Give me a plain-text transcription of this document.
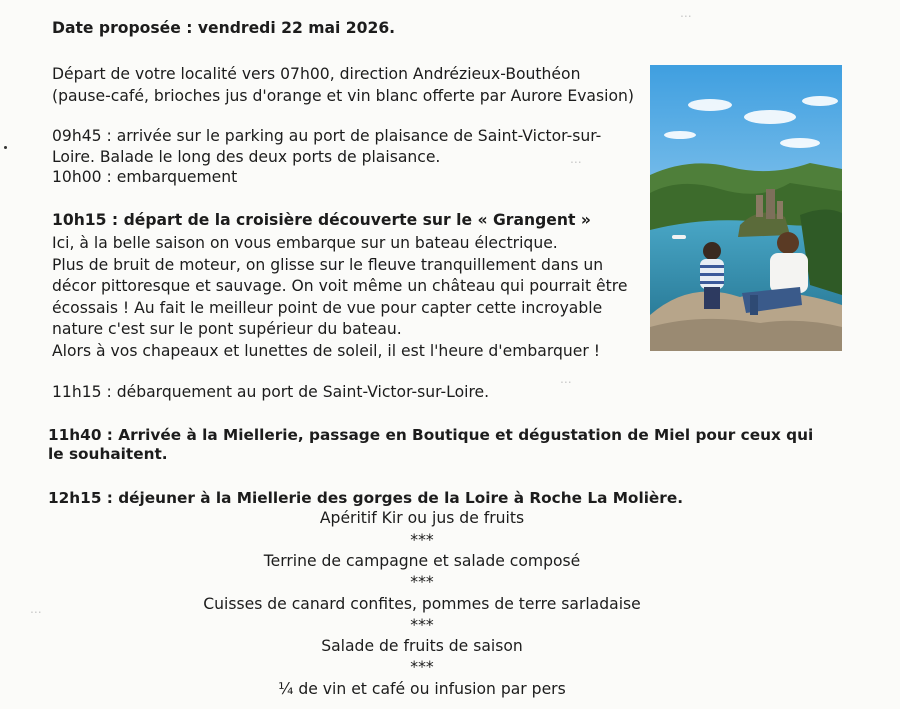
...
...
...
...
Date proposée : vendredi 22 mai 2026.
Départ de votre localité vers 07h00, direction Andrézieux-Bouthéon
(pause-café, brioches jus d'orange et vin blanc offerte par Aurore Evasion)
09h45 : arrivée sur le parking au port de plaisance de Saint-Victor-sur-
Loire. Balade le long des deux ports de plaisance.
10h00 : embarquement
10h15 : départ de la croisière découverte sur le « Grangent »
Ici, à la belle saison on vous embarque sur un bateau électrique.
Plus de bruit de moteur, on glisse sur le fleuve tranquillement dans un
décor pittoresque et sauvage. On voit même un château qui pourrait être
écossais ! Au fait le meilleur point de vue pour capter cette incroyable
nature c'est sur le pont supérieur du bateau.
Alors à vos chapeaux et lunettes de soleil, il est l'heure d'embarquer !
11h15 : débarquement au port de Saint-Victor-sur-Loire.
11h40 : Arrivée à la Miellerie, passage en Boutique et dégustation de Miel pour ceux qui
le souhaitent.
12h15 : déjeuner à la Miellerie des gorges de la Loire à Roche La Molière.
Apéritif Kir ou jus de fruits
***
Terrine de campagne et salade composé
***
Cuisses de canard confites, pommes de terre sarladaise
***
Salade de fruits de saison
***
¼ de vin et café ou infusion par pers
